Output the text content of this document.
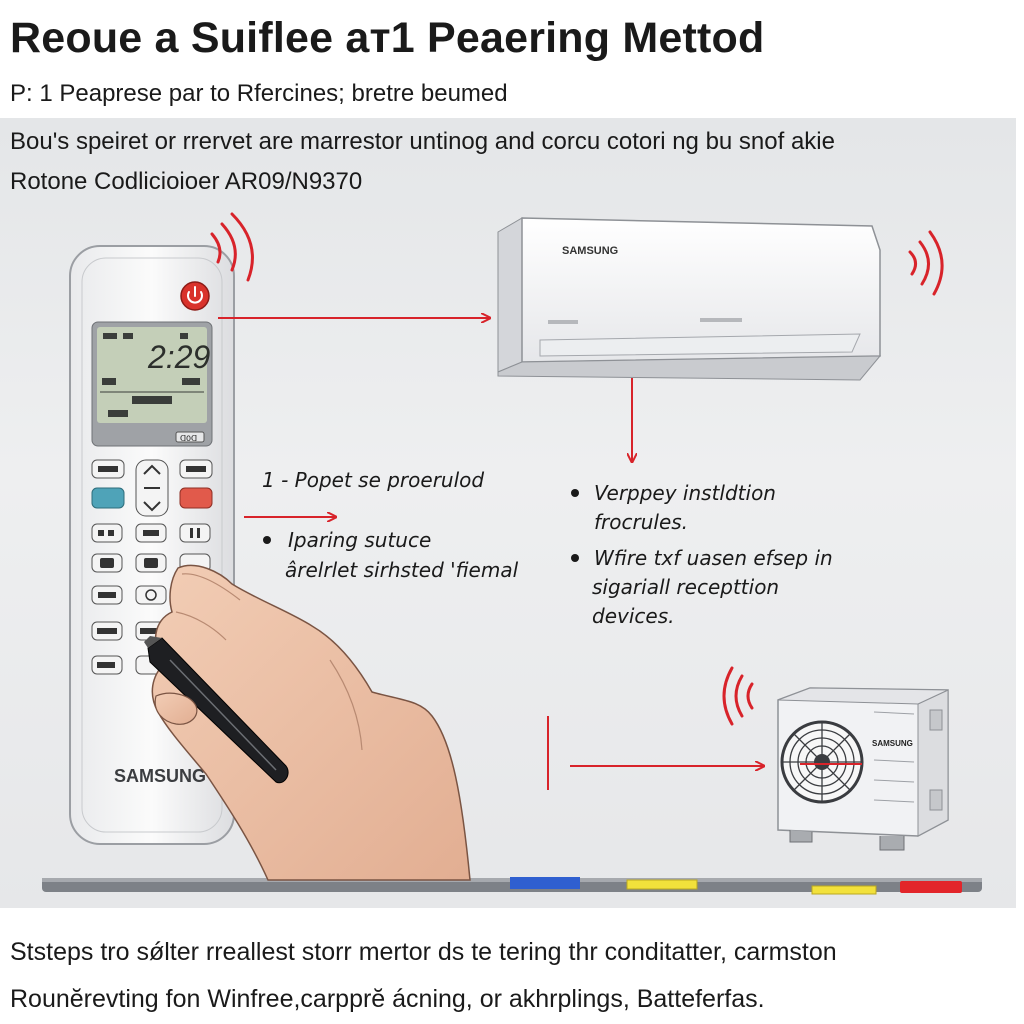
Reoue a Suiflee aт1 Peaering Mettod
P: 1 Peaprese par to Rfercines; bretre beumed
Bou's speiret or rrervet are marrestor untinog and corcu cotori ng bu snof akie
Rotone Codlicioioer AR09/N9370
2:29
ᗡOᗡ
SAMSUNG
SAMSUNG
SAMSUNG
1 - Popet se proerulod
Iparing sutuce
ârelrlet sirhsted 'fiemal
Verppey instldtion
frocrules.
Wfire txf uasen efsep in
sigariall recepttion
devices.
Ststeps tro sǿlter rreallest storr mertor ds te tering thr conditatter, carmston
Rounĕrevting fon Winfree,carpprĕ ácning, or akhrplings, Batteferfas.
